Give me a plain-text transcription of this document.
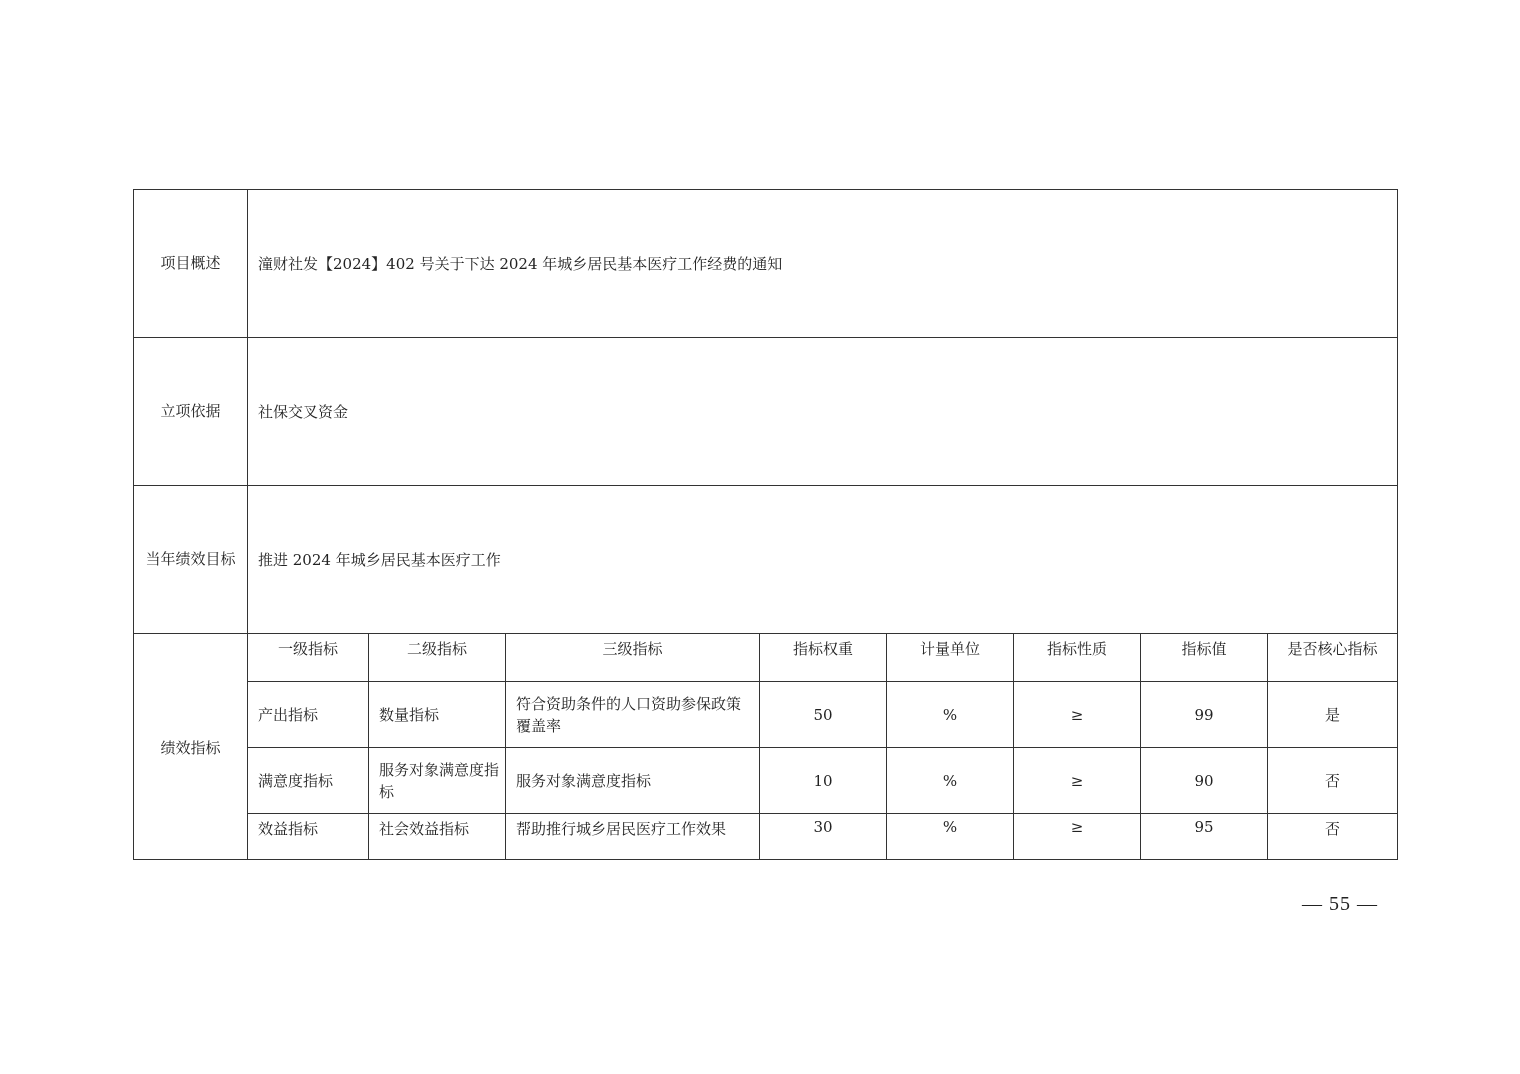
项目概述	潼财社发【2024】402 号关于下达 2024 年城乡居民基本医疗工作经费的通知							
立项依据	社保交叉资金							
当年绩效目标	推进 2024 年城乡居民基本医疗工作							
绩效指标	一级指标	二级指标	三级指标	指标权重	计量单位	指标性质	指标值	是否核心指标
	产出指标	数量指标	符合资助条件的人口资助参保政策覆盖率	50	%	≥	99	是
	满意度指标	服务对象满意度指标	服务对象满意度指标	10	%	≥	90	否
	效益指标	社会效益指标	帮助推行城乡居民医疗工作效果	30	%	≥	95	否
— 55 —
